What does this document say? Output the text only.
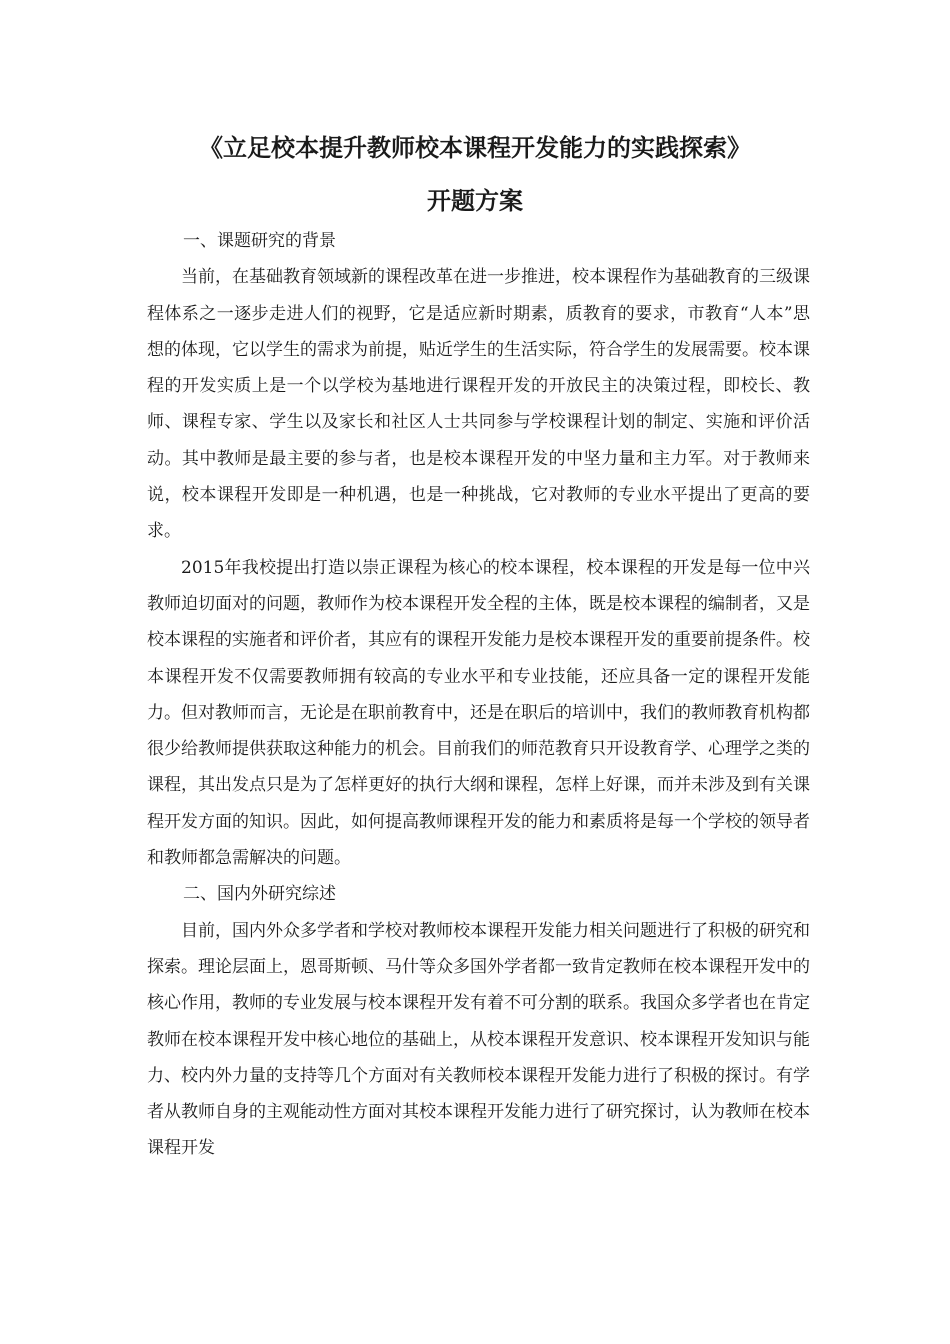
《立足校本提升教师校本课程开发能力的实践探索》
开题方案
一、课题研究的背景

当前，在基础教育领域新的课程改革在进一步推进，校本课程作为基础教育的三级课程体系之一逐步走进人们的视野，它是适应新时期素，质教育的要求，市教育“人本”思想的体现，它以学生的需求为前提，贴近学生的生活实际，符合学生的发展需要。校本课程的开发实质上是一个以学校为基地进行课程开发的开放民主的决策过程，即校长、教师、课程专家、学生以及家长和社区人士共同参与学校课程计划的制定、实施和评价活动。其中教师是最主要的参与者，也是校本课程开发的中坚力量和主力军。对于教师来说，校本课程开发即是一种机遇，也是一种挑战，它对教师的专业水平提出了更高的要求。

2015年我校提出打造以崇正课程为核心的校本课程，校本课程的开发是每一位中兴教师迫切面对的问题，教师作为校本课程开发全程的主体，既是校本课程的编制者，又是校本课程的实施者和评价者，其应有的课程开发能力是校本课程开发的重要前提条件。校本课程开发不仅需要教师拥有较高的专业水平和专业技能，还应具备一定的课程开发能力。但对教师而言，无论是在职前教育中，还是在职后的培训中，我们的教师教育机构都很少给教师提供获取这种能力的机会。目前我们的师范教育只开设教育学、心理学之类的课程，其出发点只是为了怎样更好的执行大纲和课程，怎样上好课，而并未涉及到有关课程开发方面的知识。因此，如何提高教师课程开发的能力和素质将是每一个学校的领导者和教师都急需解决的问题。

二、国内外研究综述

目前，国内外众多学者和学校对教师校本课程开发能力相关问题进行了积极的研究和探索。理论层面上，恩哥斯顿、马什等众多国外学者都一致肯定教师在校本课程开发中的核心作用，教师的专业发展与校本课程开发有着不可分割的联系。我国众多学者也在肯定教师在校本课程开发中核心地位的基础上，从校本课程开发意识、校本课程开发知识与能力、校内外力量的支持等几个方面对有关教师校本课程开发能力进行了积极的探讨。有学者从教师自身的主观能动性方面对其校本课程开发能力进行了研究探讨，认为教师在校本课程开发
